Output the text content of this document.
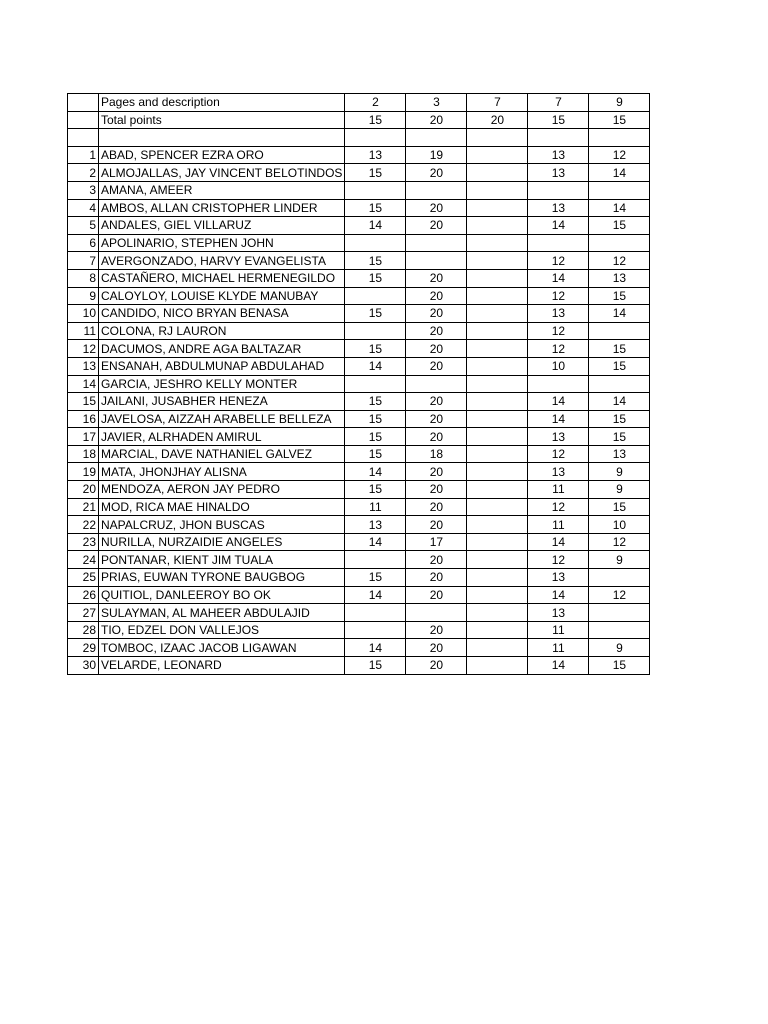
	Pages and description	2	3	7	7	9
	Total points	15	20	20	15	15

1	ABAD, SPENCER EZRA ORO	13	19		13	12
2	ALMOJALLAS, JAY VINCENT BELOTINDOS	15	20		13	14
3	AMANA, AMEER					
4	AMBOS, ALLAN CRISTOPHER LINDER	15	20		13	14
5	ANDALES, GIEL VILLARUZ	14	20		14	15
6	APOLINARIO, STEPHEN JOHN					
7	AVERGONZADO, HARVY EVANGELISTA	15			12	12
8	CASTAÑERO, MICHAEL HERMENEGILDO	15	20		14	13
9	CALOYLOY, LOUISE KLYDE MANUBAY		20		12	15
10	CANDIDO, NICO BRYAN BENASA	15	20		13	14
11	COLONA, RJ LAURON		20		12	
12	DACUMOS, ANDRE AGA BALTAZAR	15	20		12	15
13	ENSANAH, ABDULMUNAP ABDULAHAD	14	20		10	15
14	GARCIA, JESHRO KELLY MONTER					
15	JAILANI, JUSABHER HENEZA	15	20		14	14
16	JAVELOSA, AIZZAH ARABELLE BELLEZA	15	20		14	15
17	JAVIER, ALRHADEN AMIRUL	15	20		13	15
18	MARCIAL, DAVE NATHANIEL GALVEZ	15	18		12	13
19	MATA, JHONJHAY ALISNA	14	20		13	9
20	MENDOZA, AERON JAY PEDRO	15	20		11	9
21	MOD, RICA MAE HINALDO	11	20		12	15
22	NAPALCRUZ, JHON BUSCAS	13	20		11	10
23	NURILLA, NURZAIDIE ANGELES	14	17		14	12
24	PONTANAR, KIENT JIM TUALA		20		12	9
25	PRIAS, EUWAN TYRONE BAUGBOG	15	20		13	
26	QUITIOL, DANLEEROY BO OK	14	20		14	12
27	SULAYMAN, AL MAHEER ABDULAJID				13	
28	TIO, EDZEL DON VALLEJOS		20		11	
29	TOMBOC, IZAAC JACOB LIGAWAN	14	20		11	9
30	VELARDE, LEONARD	15	20		14	15
